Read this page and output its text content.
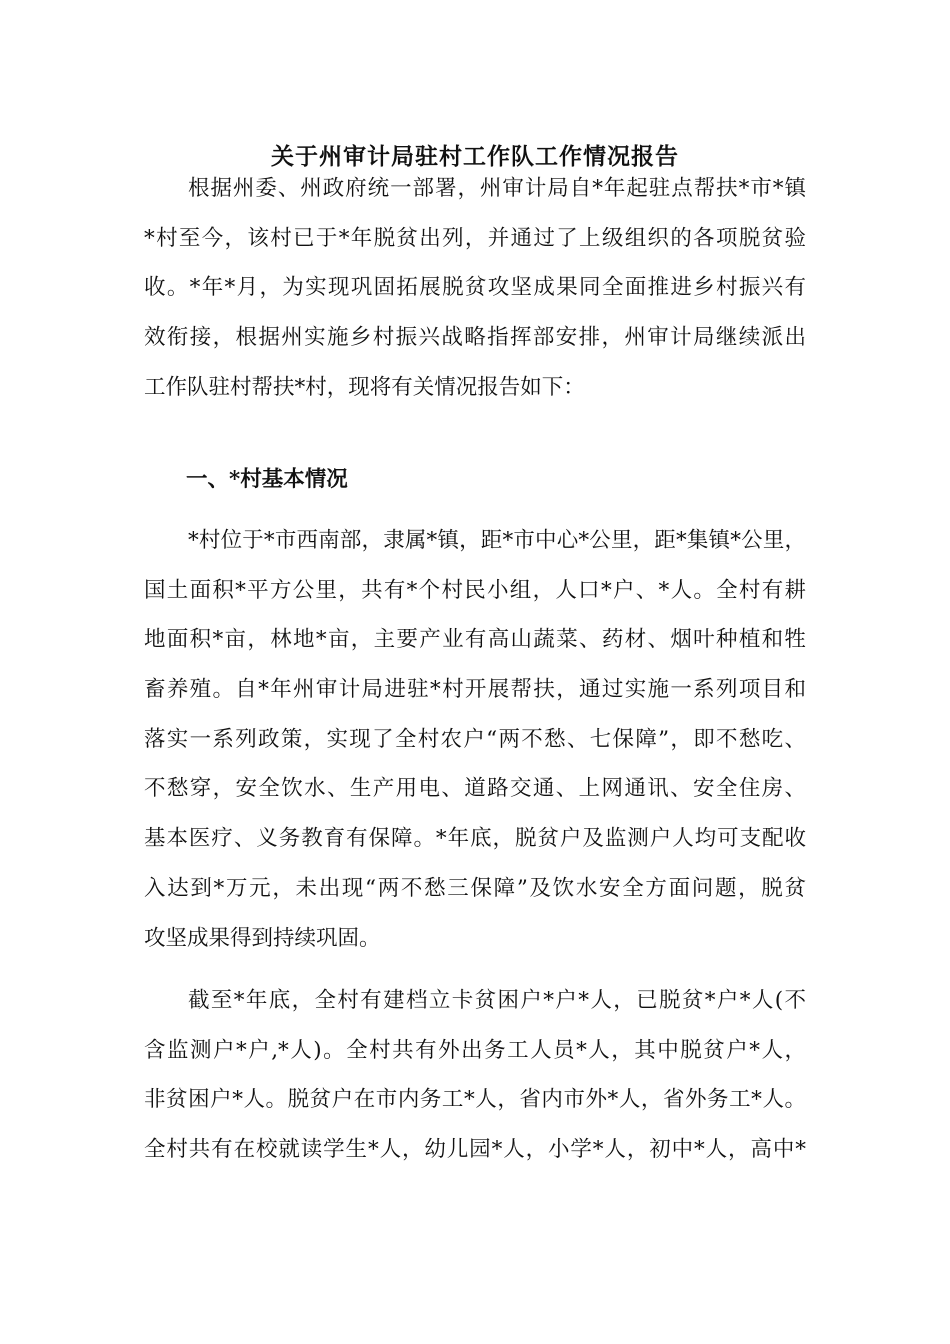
关于州审计局驻村工作队工作情况报告
根据州委、州政府统一部署，州审计局自*年起驻点帮扶*市*镇
*村至今，该村已于*年脱贫出列，并通过了上级组织的各项脱贫验
收。*年*月，为实现巩固拓展脱贫攻坚成果同全面推进乡村振兴有
效衔接，根据州实施乡村振兴战略指挥部安排，州审计局继续派出
工作队驻村帮扶*村，现将有关情况报告如下：
一、*村基本情况
*村位于*市西南部，隶属*镇，距*市中心*公里，距*集镇*公里，
国土面积*平方公里，共有*个村民小组，人口*户、*人。全村有耕
地面积*亩，林地*亩，主要产业有高山蔬菜、药材、烟叶种植和牲
畜养殖。自*年州审计局进驻*村开展帮扶，通过实施一系列项目和
落实一系列政策，实现了全村农户“两不愁、七保障”，即不愁吃、
不愁穿，安全饮水、生产用电、道路交通、上网通讯、安全住房、
基本医疗、义务教育有保障。*年底，脱贫户及监测户人均可支配收
入达到*万元，未出现“两不愁三保障”及饮水安全方面问题，脱贫
攻坚成果得到持续巩固。
截至*年底，全村有建档立卡贫困户*户*人，已脱贫*户*人(不
含监测户*户,*人)。全村共有外出务工人员*人，其中脱贫户*人，
非贫困户*人。脱贫户在市内务工*人，省内市外*人，省外务工*人。
全村共有在校就读学生*人，幼儿园*人，小学*人，初中*人，高中*
